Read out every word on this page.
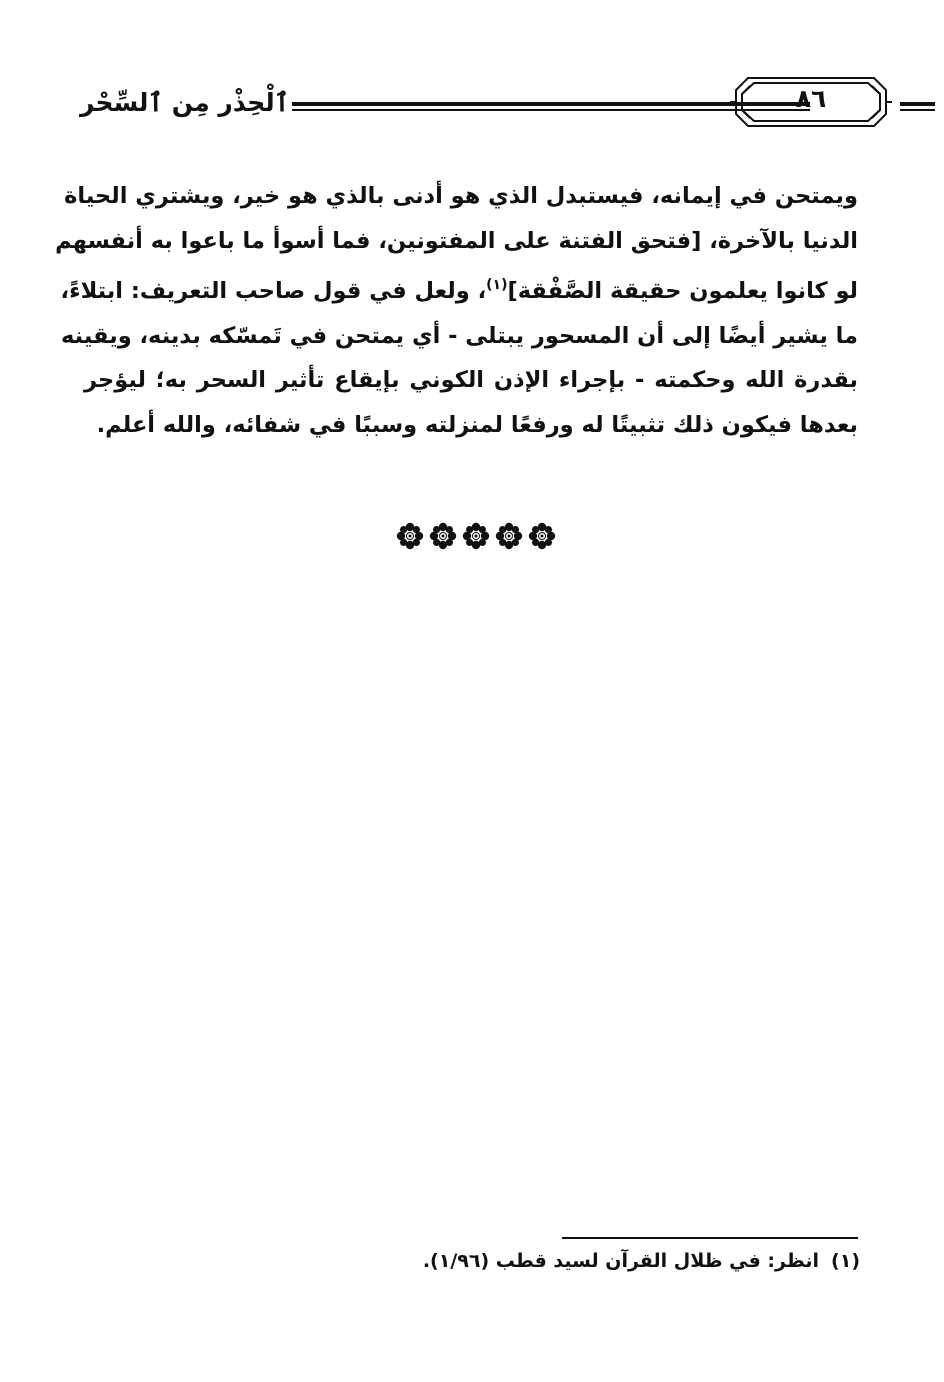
ٱلْحِذْر مِن ٱلسِّحْر	٨٦
ويمتحن في إيمانه، فيستبدل الذي هو أدنى بالذي هو خير، ويشتري الحياة
الدنيا بالآخرة، [فتحق الفتنة على المفتونين، فما أسوأ ما باعوا به أنفسهم
لو كانوا يعلمون حقيقة الصَّفْقة]$^{(١)}$، ولعل في قول صاحب التعريف: ابتلاءً،
ما يشير أيضًا إلى أن المسحور يبتلى - أي يمتحن في تَمسّكه بدينه، ويقينه
بقدرة الله وحكمته - بإجراء الإذن الكوني بإيقاع تأثير السحر به؛ ليؤجر
بعدها فيكون ذلك تثبيتًا له ورفعًا لمنزلته وسببًا في شفائه، والله أعلم.
(١)انظر: في ظلال القرآن لسيد قطب (١/٩٦).
